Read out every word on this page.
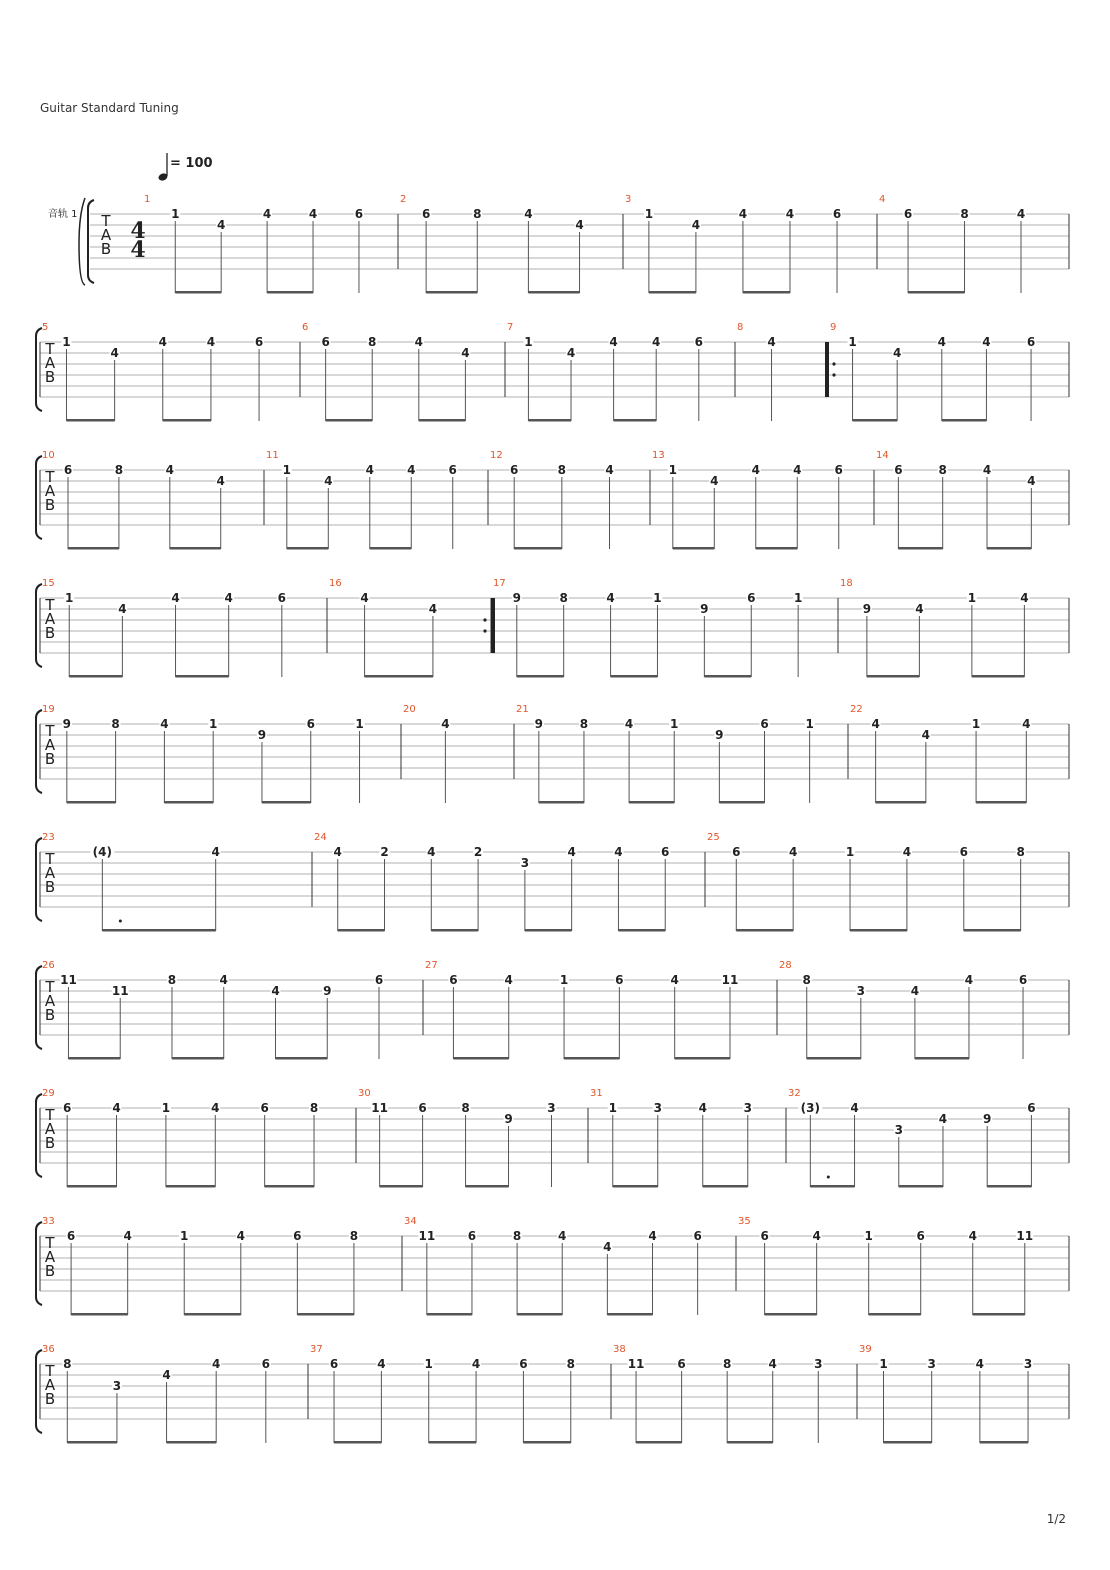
Guitar Standard Tuning
= 100
音轨 1
1/2
T
A
B
4
4
1
1
4
4	4	6
2
6	8	4
4
3
1
4
4	4	6
4
6	8	4
T
A
B
5
1
4
4	4	6
6
6	8	4
4
7
1
4
4	4	6
8
4
9
1
4
4	4	6
T
A
B
10
6	8	4
4
11
1
4
4	4	6
12
6	8	4
13
1
4
4	4	6
14
6	8	4
4
T
A
B
15
1
4
4	4	6
16
4
4
17
9	8	4	1
9
6	1
18
9	4
1	4
T
A
B
19
9	8	4	1
9
6	1
20
4
21
9	8	4	1
9
6	1
22
4
4
1	4
T
A
B
23
(4)	4
24
4	2	4	2
3
4	4	6
25
6	4	1	4	6	8
T
A
B
26
11
11
8	4
4	9
6
27
6	4	1	6	4	11
28
8
3	4
4	6
T
A
B
29
6	4	1	4	6	8
30
11	6	8
9
3
31
1	3	4	3
32
(3)	4
3
4	9
6
T
A
B
33
6	4	1	4	6	8
34
11	6	8	4
4
4	6
35
6	4	1	6	4	11
T
A
B
36
8
3
4
4	6
37
6	4	1	4	6	8
38
11	6	8	4	3
39
1	3	4	3
